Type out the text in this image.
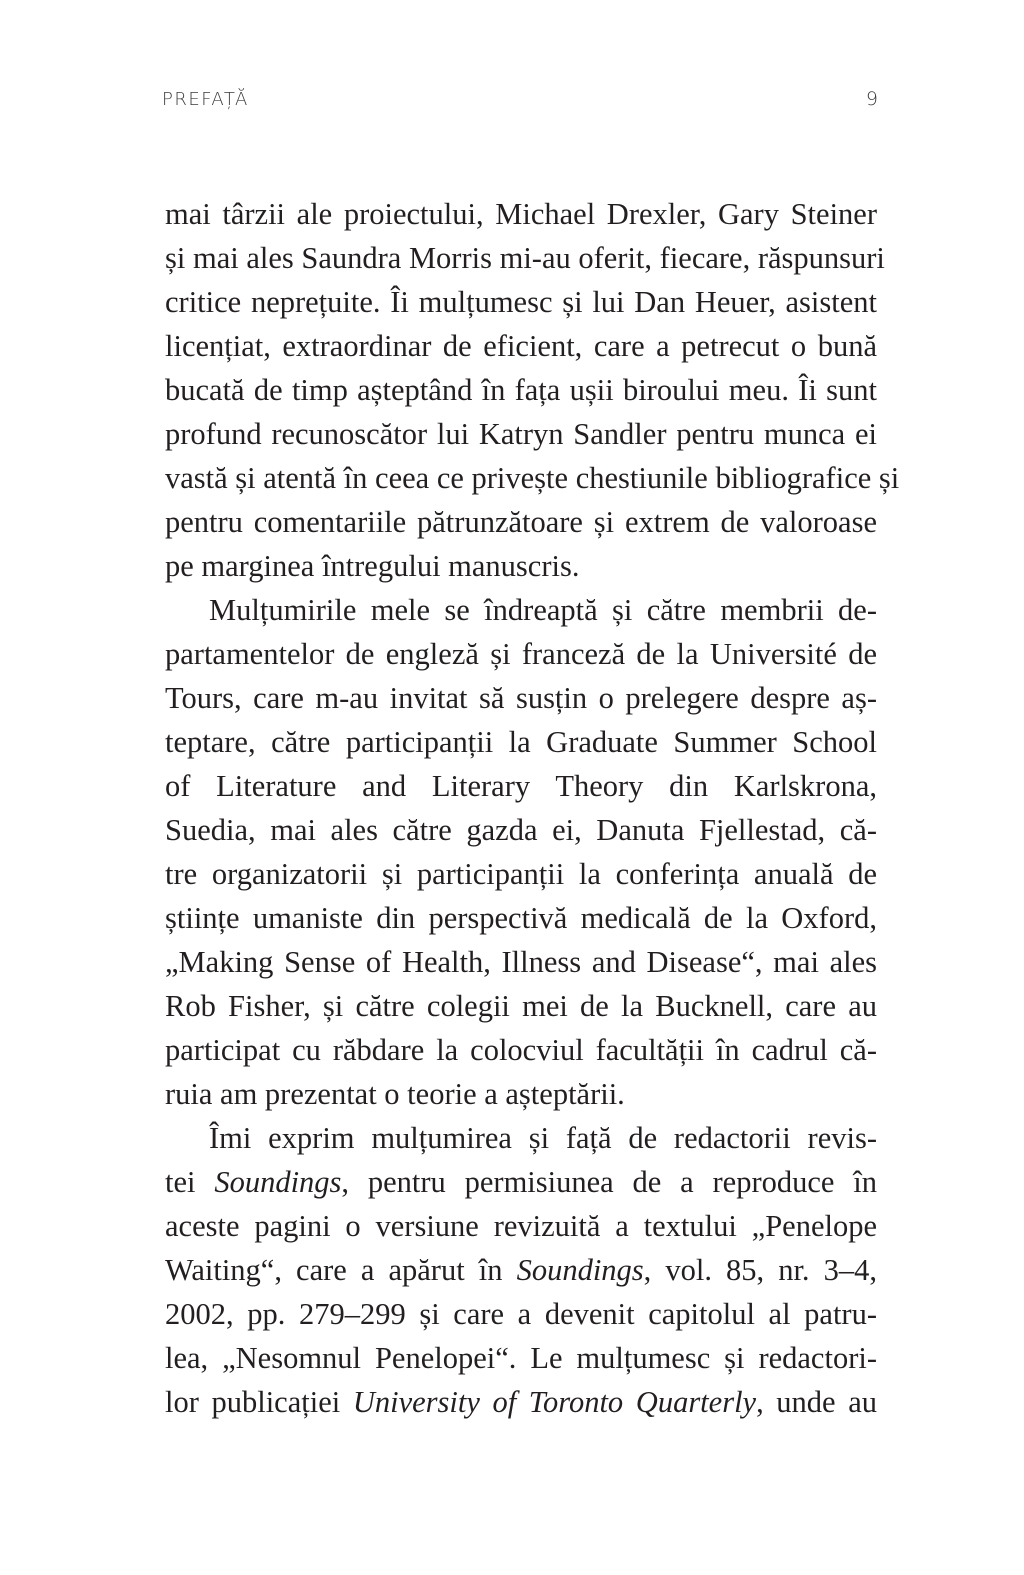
PREFAȚĂ	9
mai târzii ale proiectului, Michael Drexler, Gary Steiner
și mai ales Saundra Morris mi-au oferit, fiecare, răspunsuri
critice neprețuite. Îi mulțumesc și lui Dan Heuer, asistent
licențiat, extraordinar de eficient, care a petrecut o bună
bucată de timp așteptând în fața ușii biroului meu. Îi sunt
profund recunoscător lui Katryn Sandler pentru munca ei
vastă și atentă în ceea ce privește chestiunile bibliografice și
pentru comentariile pătrunzătoare și extrem de valoroase
pe marginea întregului manuscris.
Mulțumirile mele se îndreaptă și către membrii de-
partamentelor de engleză și franceză de la Université de
Tours, care m-au invitat să susțin o prelegere despre aș-
teptare, către participanții la Graduate Summer School
of Literature and Literary Theory din Karlskrona,
Suedia, mai ales către gazda ei, Danuta Fjellestad, că-
tre organizatorii și participanții la conferința anuală de
științe umaniste din perspectivă medicală de la Oxford,
„Making Sense of Health, Illness and Disease“, mai ales
Rob Fisher, și către colegii mei de la Bucknell, care au
participat cu răbdare la colocviul facultății în cadrul că-
ruia am prezentat o teorie a așteptării.
Îmi exprim mulțumirea și față de redactorii revis-
tei Soundings, pentru permisiunea de a reproduce în
aceste pagini o versiune revizuită a textului „Penelope
Waiting“, care a apărut în Soundings, vol. 85, nr. 3–4,
2002, pp. 279–299 și care a devenit capitolul al patru-
lea, „Nesomnul Penelopei“. Le mulțumesc și redactori-
lor publicației University of Toronto Quarterly, unde au
